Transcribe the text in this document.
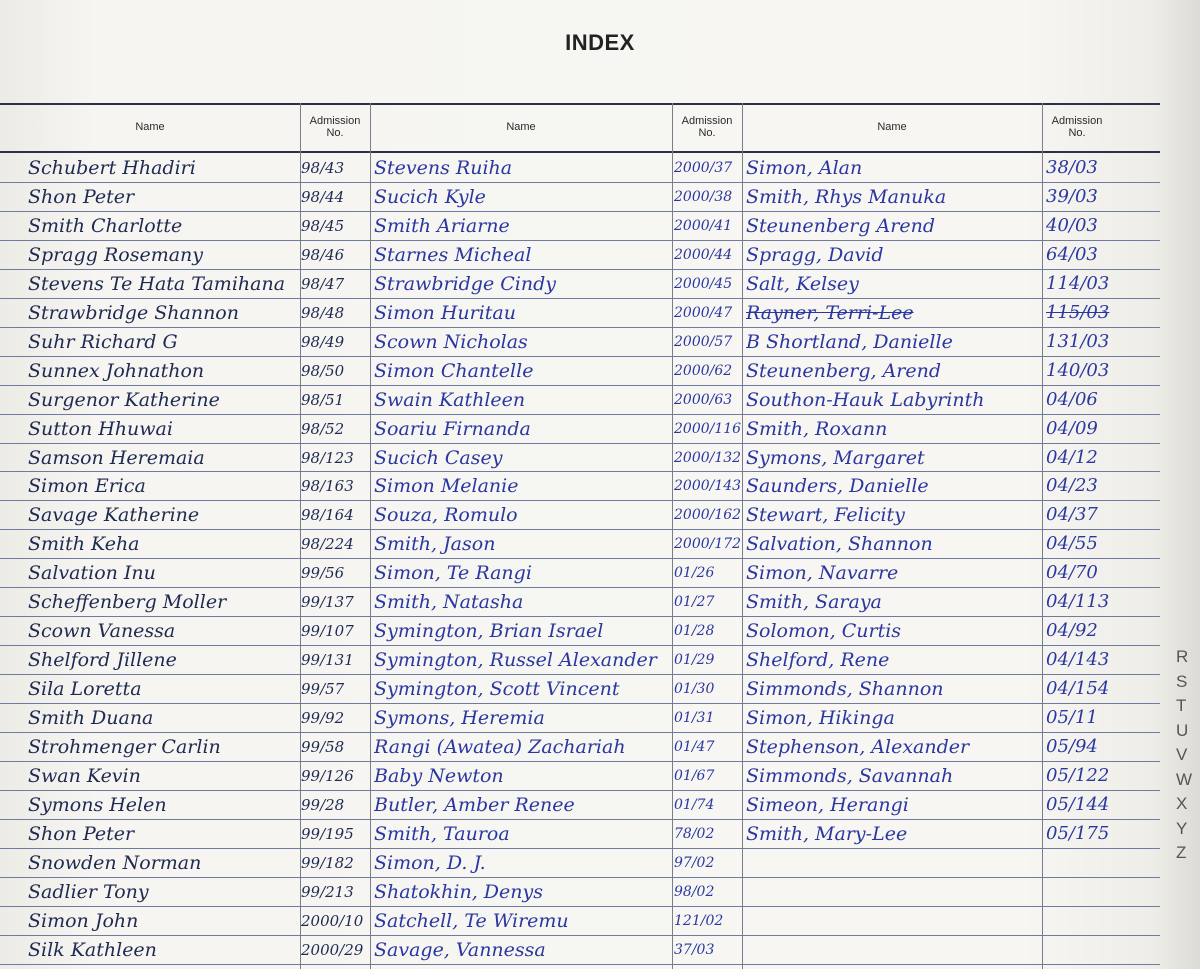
INDEX
Name	Admission No.	Name	Admission No.	Name	Admission No.
Schubert Hhadiri	98/43	Stevens Ruiha	2000/37 Simon, Alan	38/03
Shon Peter	98/44	Sucich Kyle	2000/38 Smith, Rhys Manuka	39/03
Smith Charlotte	98/45	Smith Ariarne	2000/41 Steunenberg Arend	40/03
Spragg Rosemany	98/46	Starnes Micheal	2000/44 Spragg, David	64/03
Stevens Te Hata Tamihana	98/47	Strawbridge Cindy	2000/45 Salt, Kelsey	114/03
Strawbridge Shannon	98/48	Simon Huritau	2000/47 Rayner, Terri-Lee	115/03
Suhr Richard G	98/49	Scown Nicholas	2000/57 B Shortland, Danielle	131/03
Sunnex Johnathon	98/50	Simon Chantelle	2000/62 Steunenberg, Arend	140/03
Surgenor Katherine	98/51	Swain Kathleen	2000/63 Southon-Hauk Labyrinth	04/06
Sutton Hhuwai	98/52	Soariu Firnanda	2000/116 Smith, Roxann	04/09
Samson Heremaia	98/123	Sucich Casey	2000/132 Symons, Margaret	04/12
Simon Erica	98/163	Simon Melanie	2000/143 Saunders, Danielle	04/23
Savage Katherine	98/164	Souza, Romulo	2000/162 Stewart, Felicity	04/37
Smith Keha	98/224	Smith, Jason	2000/172 Salvation, Shannon	04/55
Salvation Inu	99/56	Simon, Te Rangi	01/26	Simon, Navarre	04/70
Scheffenberg Moller	99/137	Smith, Natasha	01/27	Smith, Saraya	04/113
Scown Vanessa	99/107	Symington, Brian Israel	01/28	Solomon, Curtis	04/92
Shelford Jillene	99/131	Symington, Russel Alexander	01/29	Shelford, Rene	04/143
Sila Loretta	99/57	Symington, Scott Vincent	01/30	Simmonds, Shannon	04/154
Smith Duana	99/92	Symons, Heremia	01/31	Simon, Hikinga	05/11
Strohmenger Carlin	99/58	Rangi (Awatea) Zachariah	01/47	Stephenson, Alexander	05/94
Swan Kevin	99/126	Baby Newton	01/67	Simmonds, Savannah	05/122
Symons Helen	99/28	Butler, Amber Renee	01/74	Simeon, Herangi	05/144
Shon Peter	99/195	Smith, Tauroa	78/02	Smith, Mary-Lee	05/175
Snowden Norman	99/182	Simon, D. J.	97/02
Sadlier Tony	99/213	Shatokhin, Denys	98/02
Simon John	2000/10 Satchell, Te Wiremu	121/02
Silk Kathleen	2000/29 Savage, Vannessa	37/03
R
S
T
U
V
W
X
Y
Z
